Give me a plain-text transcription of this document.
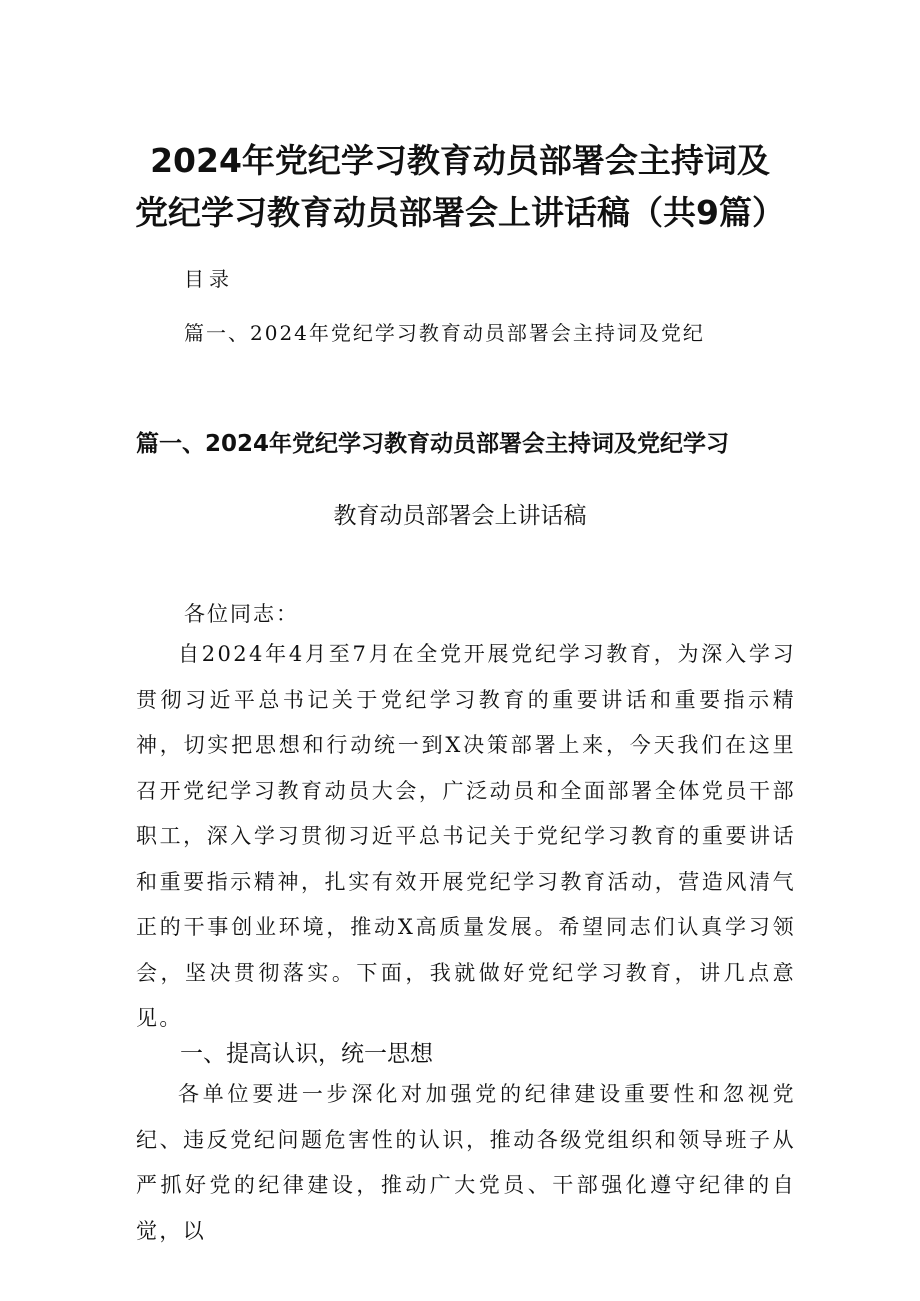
2024年党纪学习教育动员部署会主持词及
党纪学习教育动员部署会上讲话稿（共9篇）
目录
篇一、2024年党纪学习教育动员部署会主持词及党纪
篇一、2024年党纪学习教育动员部署会主持词及党纪学习
教育动员部署会上讲话稿
各位同志：
自2024年4月至7月在全党开展党纪学习教育，为深入学习贯彻习近平总书记关于党纪学习教育的重要讲话和重要指示精神，切实把思想和行动统一到X决策部署上来，今天我们在这里召开党纪学习教育动员大会，广泛动员和全面部署全体党员干部职工，深入学习贯彻习近平总书记关于党纪学习教育的重要讲话和重要指示精神，扎实有效开展党纪学习教育活动，营造风清气正的干事创业环境，推动X高质量发展。希望同志们认真学习领会，坚决贯彻落实。下面，我就做好党纪学习教育，讲几点意见。
一、提高认识，统一思想
各单位要进一步深化对加强党的纪律建设重要性和忽视党纪、违反党纪问题危害性的认识，推动各级党组织和领导班子从严抓好党的纪律建设，推动广大党员、干部强化遵守纪律的自觉，以
